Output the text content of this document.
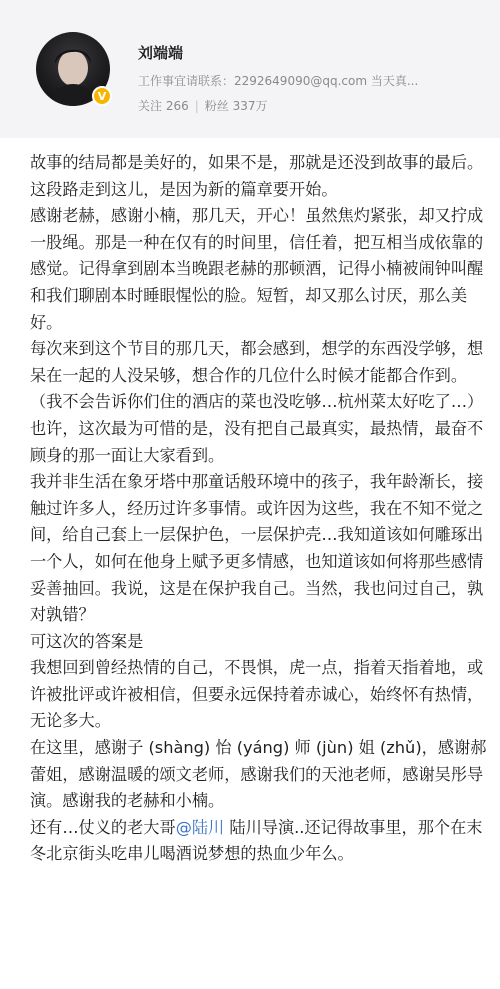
V
刘端端
工作事宜请联系：2292649090@qq.com 当天真...
关注 266 | 粉丝 337万

故事的结局都是美好的，如果不是，那就是还没到故事的最后。这段路走到这儿，是因为新的篇章要开始。

感谢老赫，感谢小楠，那几天，开心！虽然焦灼紧张，却又拧成一股绳。那是一种在仅有的时间里，信任着，把互相当成依靠的感觉。记得拿到剧本当晚跟老赫的那顿酒，记得小楠被闹钟叫醒和我们聊剧本时睡眼惺忪的脸。短暂，却又那么讨厌，那么美好。

每次来到这个节目的那几天，都会感到，想学的东西没学够，想呆在一起的人没呆够，想合作的几位什么时候才能都合作到。（我不会告诉你们住的酒店的菜也没吃够…杭州菜太好吃了…）

也许，这次最为可惜的是，没有把自己最真实，最热情，最奋不顾身的那一面让大家看到。

我并非生活在象牙塔中那童话般环境中的孩子，我年龄渐长，接触过许多人，经历过许多事情。或许因为这些，我在不知不觉之间，给自己套上一层保护色，一层保护壳…我知道该如何雕琢出一个人，如何在他身上赋予更多情感，也知道该如何将那些感情妥善抽回。我说，这是在保护我自己。当然，我也问过自己，孰对孰错？

可这次的答案是

我想回到曾经热情的自己，不畏惧，虎一点，指着天指着地，或许被批评或许被相信，但要永远保持着赤诚心，始终怀有热情，无论多大。

在这里，感谢子 (shàng) 怡 (yáng) 师 (jùn) 姐 (zhǔ)，感谢郝蕾姐，感谢温暖的颂文老师，感谢我们的天池老师，感谢吴彤导演。感谢我的老赫和小楠。

还有…仗义的老大哥@陆川 陆川导演..还记得故事里，那个在末冬北京街头吃串儿喝酒说梦想的热血少年么。
